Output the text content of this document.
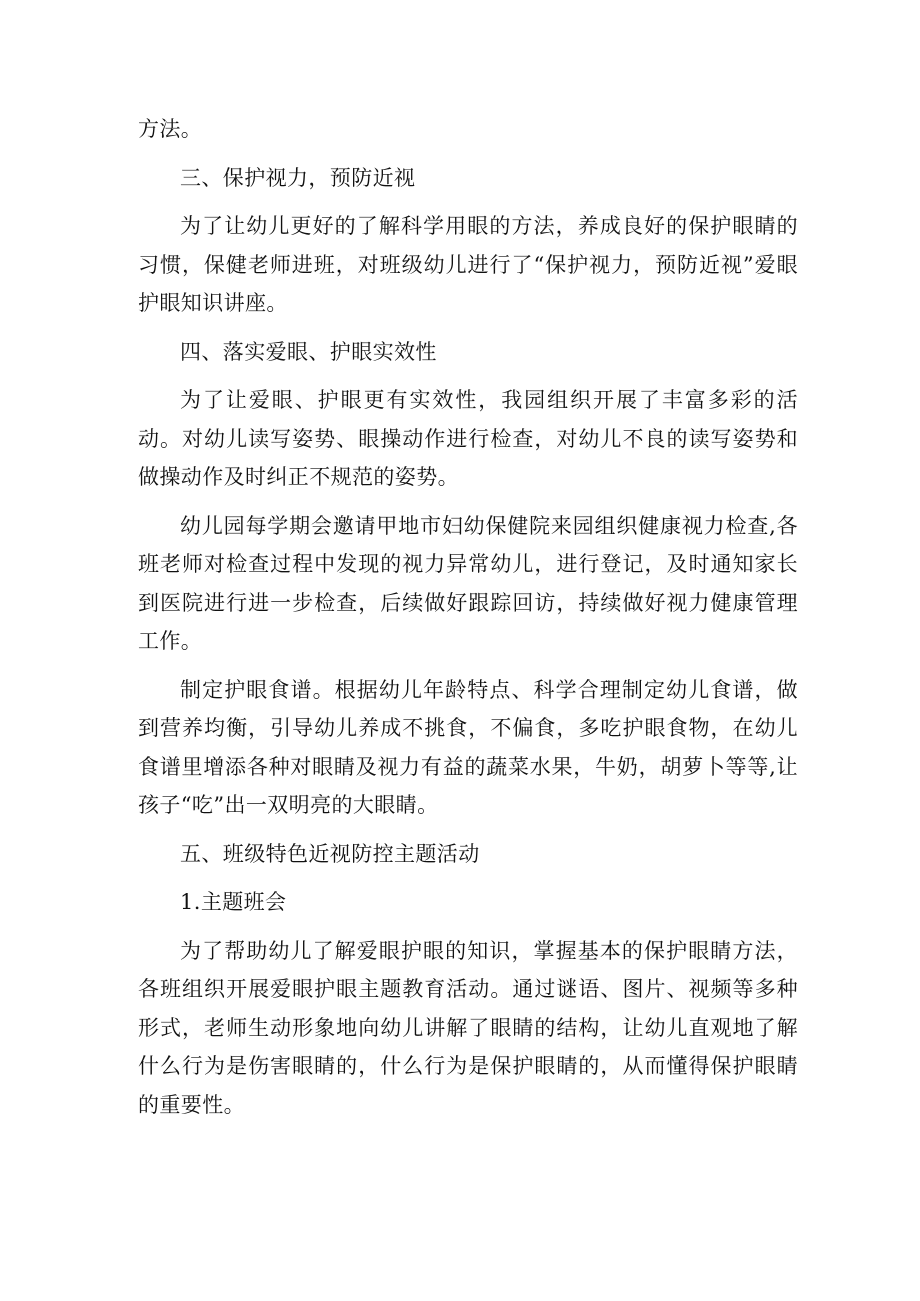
方法。

三、保护视力，预防近视

为了让幼儿更好的了解科学用眼的方法，养成良好的保护眼睛的习惯，保健老师进班，对班级幼儿进行了“保护视力，预防近视”爱眼护眼知识讲座。

四、落实爱眼、护眼实效性

为了让爱眼、护眼更有实效性，我园组织开展了丰富多彩的活动。对幼儿读写姿势、眼操动作进行检查，对幼儿不良的读写姿势和做操动作及时纠正不规范的姿势。

幼儿园每学期会邀请甲地市妇幼保健院来园组织健康视力检查,各班老师对检查过程中发现的视力异常幼儿，进行登记，及时通知家长到医院进行进一步检查，后续做好跟踪回访，持续做好视力健康管理工作。

制定护眼食谱。根据幼儿年龄特点、科学合理制定幼儿食谱，做到营养均衡，引导幼儿养成不挑食，不偏食，多吃护眼食物，在幼儿食谱里增添各种对眼睛及视力有益的蔬菜水果，牛奶，胡萝卜等等,让孩子“吃”出一双明亮的大眼睛。

五、班级特色近视防控主题活动

1.主题班会

为了帮助幼儿了解爱眼护眼的知识，掌握基本的保护眼睛方法，各班组织开展爱眼护眼主题教育活动。通过谜语、图片、视频等多种形式，老师生动形象地向幼儿讲解了眼睛的结构，让幼儿直观地了解什么行为是伤害眼睛的，什么行为是保护眼睛的，从而懂得保护眼睛的重要性。
